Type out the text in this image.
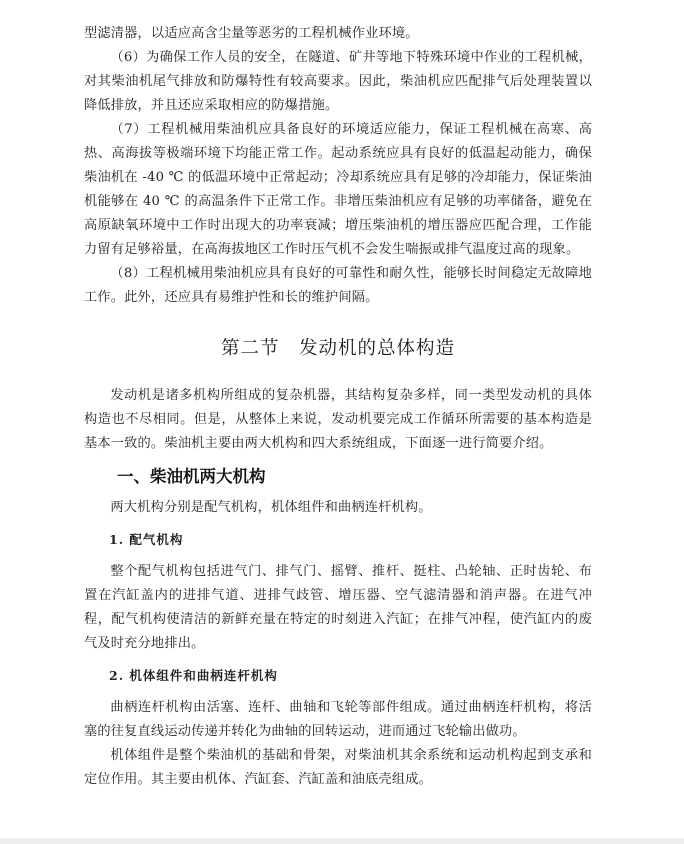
型滤清器，以适应高含尘量等恶劣的工程机械作业环境。

（6）为确保工作人员的安全，在隧道、矿井等地下特殊环境中作业的工程机械，对其柴油机尾气排放和防爆特性有较高要求。因此，柴油机应匹配排气后处理装置以降低排放，并且还应采取相应的防爆措施。

（7）工程机械用柴油机应具备良好的环境适应能力，保证工程机械在高寒、高热、高海拔等极端环境下均能正常工作。起动系统应具有良好的低温起动能力，确保柴油机在 -40 ℃ 的低温环境中正常起动；冷却系统应具有足够的冷却能力，保证柴油机能够在 40 ℃ 的高温条件下正常工作。非增压柴油机应有足够的功率储备，避免在高原缺氧环境中工作时出现大的功率衰减；增压柴油机的增压器应匹配合理，工作能力留有足够裕量，在高海拔地区工作时压气机不会发生喘振或排气温度过高的现象。

（8）工程机械用柴油机应具有良好的可靠性和耐久性，能够长时间稳定无故障地工作。此外，还应具有易维护性和长的维护间隔。

第二节　发动机的总体构造

发动机是诸多机构所组成的复杂机器，其结构复杂多样，同一类型发动机的具体构造也不尽相同。但是，从整体上来说，发动机要完成工作循环所需要的基本构造是基本一致的。柴油机主要由两大机构和四大系统组成，下面逐一进行简要介绍。

一、柴油机两大机构

两大机构分别是配气机构，机体组件和曲柄连杆机构。

1. 配气机构

整个配气机构包括进气门、排气门、摇臂、推杆、挺柱、凸轮轴、正时齿轮、布置在汽缸盖内的进排气道、进排气歧管、增压器、空气滤清器和消声器。在进气冲程，配气机构使清洁的新鲜充量在特定的时刻进入汽缸；在排气冲程，使汽缸内的废气及时充分地排出。

2. 机体组件和曲柄连杆机构

曲柄连杆机构由活塞、连杆、曲轴和飞轮等部件组成。通过曲柄连杆机构，将活塞的往复直线运动传递并转化为曲轴的回转运动，进而通过飞轮输出做功。

机体组件是整个柴油机的基础和骨架，对柴油机其余系统和运动机构起到支承和定位作用。其主要由机体、汽缸套、汽缸盖和油底壳组成。
